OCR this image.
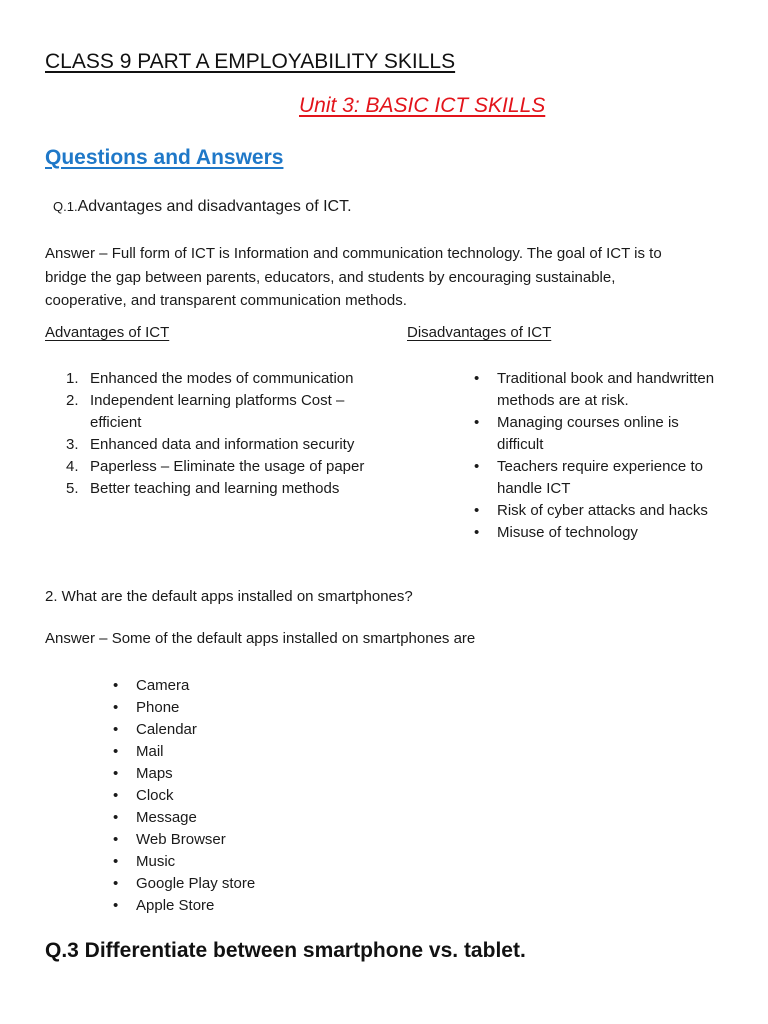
CLASS 9 PART A EMPLOYABILITY SKILLS
Unit 3: BASIC ICT SKILLS
Questions and Answers
Q.1.Advantages and disadvantages of ICT.

Answer – Full form of ICT is Information and communication technology. The goal of ICT is to

bridge the gap between parents, educators, and students by encouraging sustainable,

cooperative, and transparent communication methods.

Advantages of ICT	Disadvantages of ICT
1. Enhanced the modes of communication
2. Independent learning platforms Cost – efficient
3. Enhanced data and information security
4. Paperless – Eliminate the usage of paper
5. Better teaching and learning methods
• Traditional book and handwritten methods are at risk.
• Managing courses online is difficult
• Teachers require experience to handle ICT
• Risk of cyber attacks and hacks
• Misuse of technology
2. What are the default apps installed on smartphones?
Answer – Some of the default apps installed on smartphones are
• Camera
• Phone
• Calendar
• Mail
• Maps
• Clock
• Message
• Web Browser
• Music
• Google Play store
• Apple Store
Q.3 Differentiate between smartphone vs. tablet.
